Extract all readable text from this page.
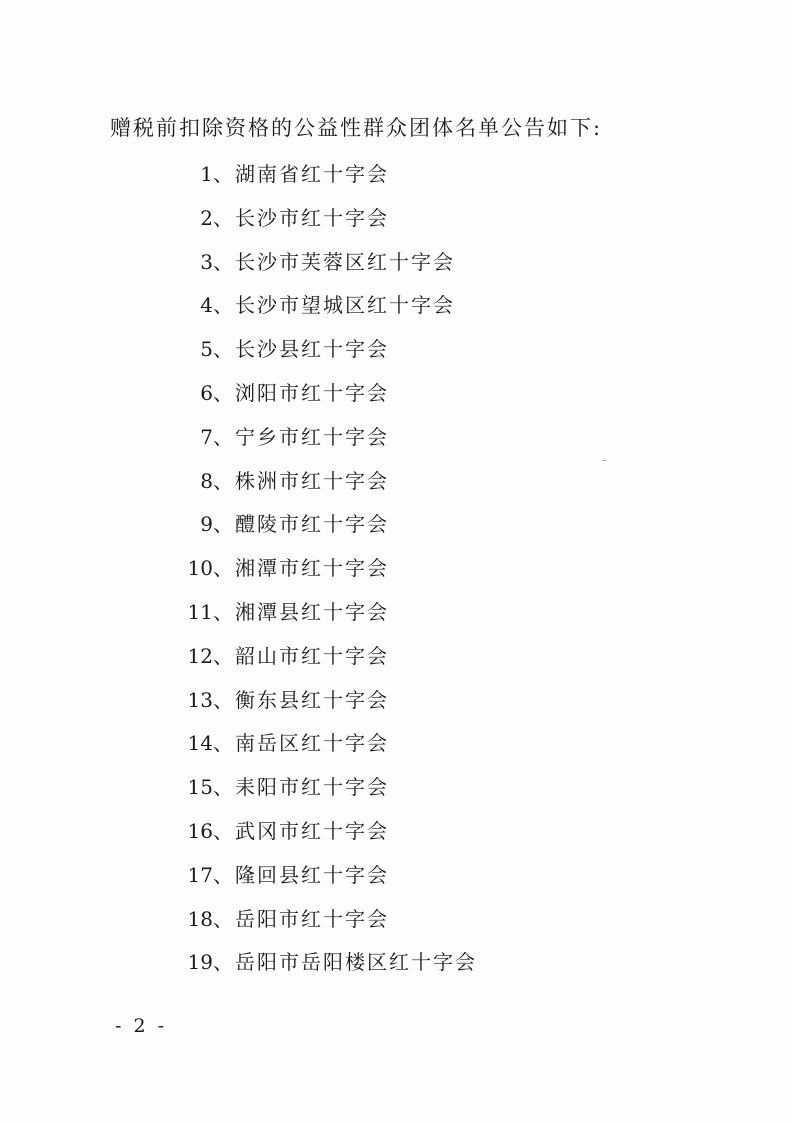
赠税前扣除资格的公益性群众团体名单公告如下:
1、 湖南省红十字会
2、 长沙市红十字会
3、 长沙市芙蓉区红十字会
4、 长沙市望城区红十字会
5、 长沙县红十字会
6、 浏阳市红十字会
7、 宁乡市红十字会
8、 株洲市红十字会
9、 醴陵市红十字会
10、 湘潭市红十字会
11、 湘潭县红十字会
12、 韶山市红十字会
13、 衡东县红十字会
14、 南岳区红十字会
15、 耒阳市红十字会
16、 武冈市红十字会
17、 隆回县红十字会
18、 岳阳市红十字会
19、 岳阳市岳阳楼区红十字会
- 2 -
